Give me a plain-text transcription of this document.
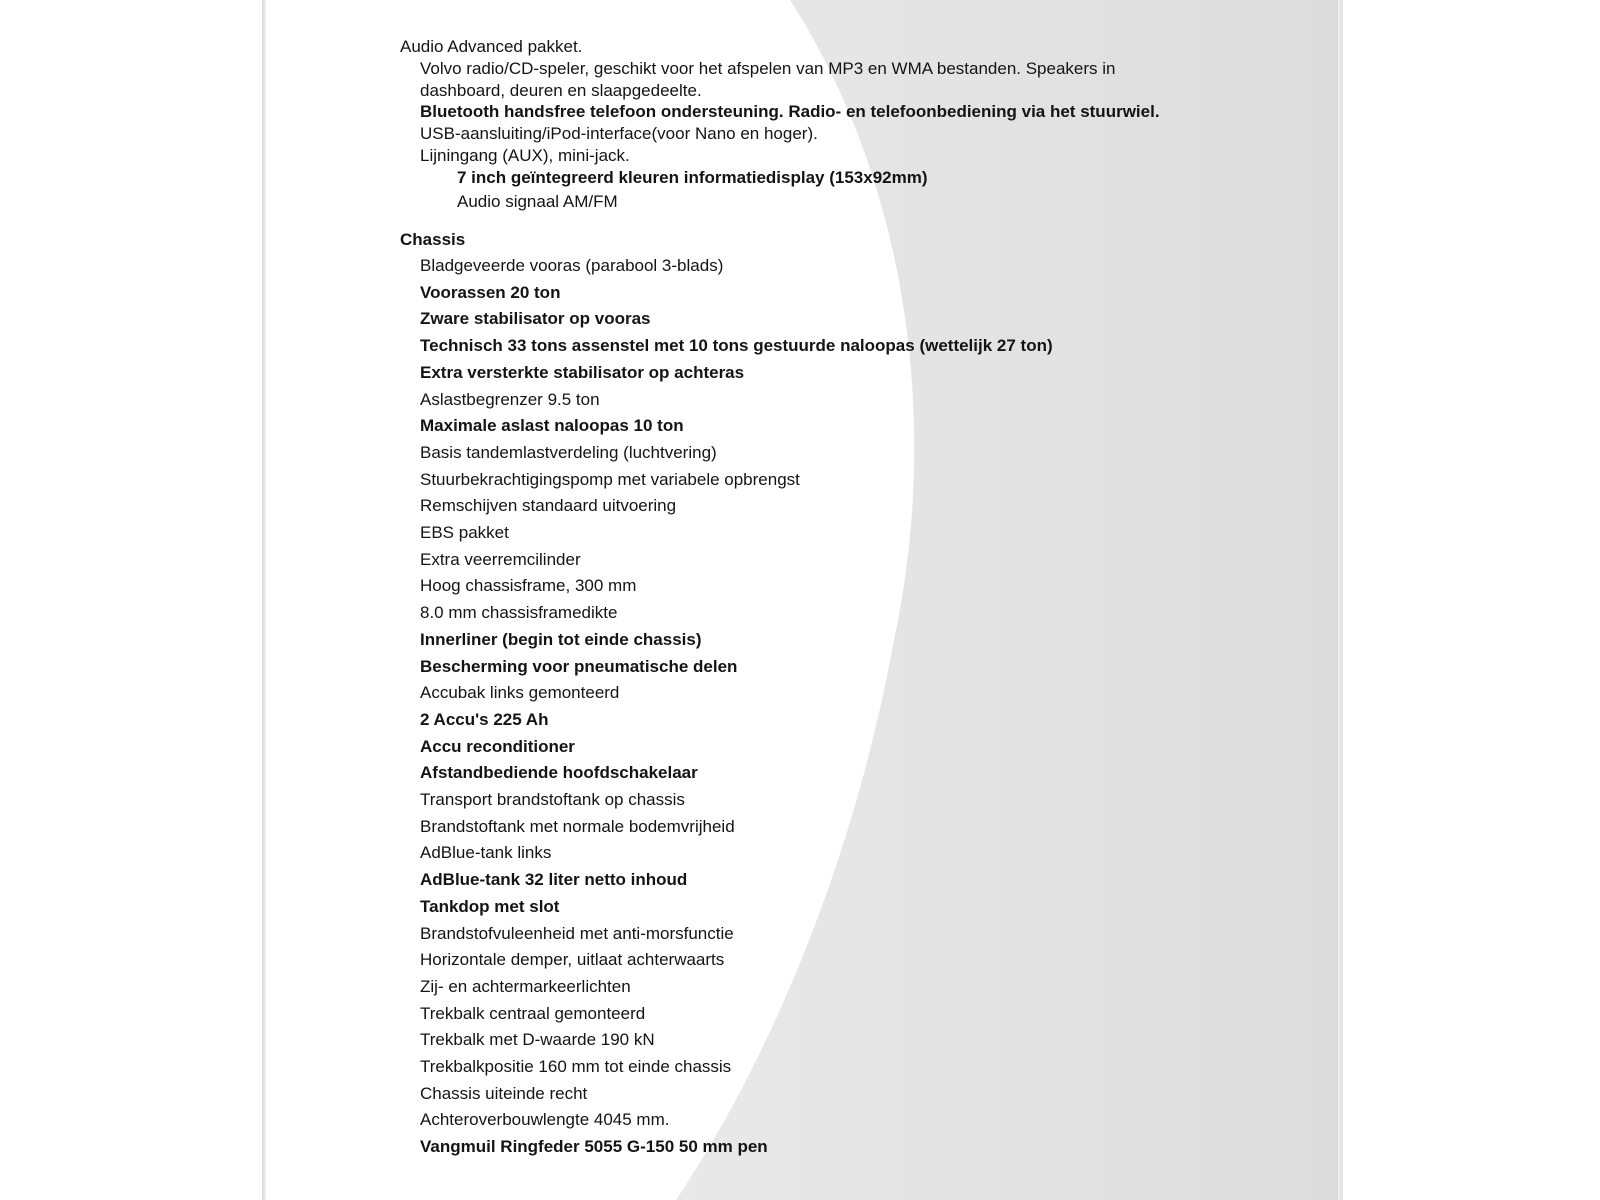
Audio Advanced pakket.
Volvo radio/CD-speler, geschikt voor het afspelen van MP3 en WMA bestanden. Speakers in
dashboard, deuren en slaapgedeelte.
Bluetooth handsfree telefoon ondersteuning. Radio- en telefoonbediening via het stuurwiel.
USB-aansluiting/iPod-interface(voor Nano en hoger).
Lijningang (AUX), mini-jack.
7 inch geïntegreerd kleuren informatiedisplay (153x92mm)
Audio signaal AM/FM
Chassis
Bladgeveerde vooras (parabool 3-blads)
Voorassen 20 ton
Zware stabilisator op vooras
Technisch 33 tons assenstel met 10 tons gestuurde naloopas (wettelijk 27 ton)
Extra versterkte stabilisator op achteras
Aslastbegrenzer 9.5 ton
Maximale aslast naloopas 10 ton
Basis tandemlastverdeling (luchtvering)
Stuurbekrachtigingspomp met variabele opbrengst
Remschijven standaard uitvoering
EBS pakket
Extra veerremcilinder
Hoog chassisframe, 300 mm
8.0 mm chassisframedikte
Innerliner (begin tot einde chassis)
Bescherming voor pneumatische delen
Accubak links gemonteerd
2 Accu's 225 Ah
Accu reconditioner
Afstandbediende hoofdschakelaar
Transport brandstoftank op chassis
Brandstoftank met normale bodemvrijheid
AdBlue-tank links
AdBlue-tank 32 liter netto inhoud
Tankdop met slot
Brandstofvuleenheid met anti-morsfunctie
Horizontale demper, uitlaat achterwaarts
Zij- en achtermarkeerlichten
Trekbalk centraal gemonteerd
Trekbalk met D-waarde 190 kN
Trekbalkpositie 160 mm tot einde chassis
Chassis uiteinde recht
Achteroverbouwlengte 4045 mm.
Vangmuil Ringfeder 5055 G-150 50 mm pen
